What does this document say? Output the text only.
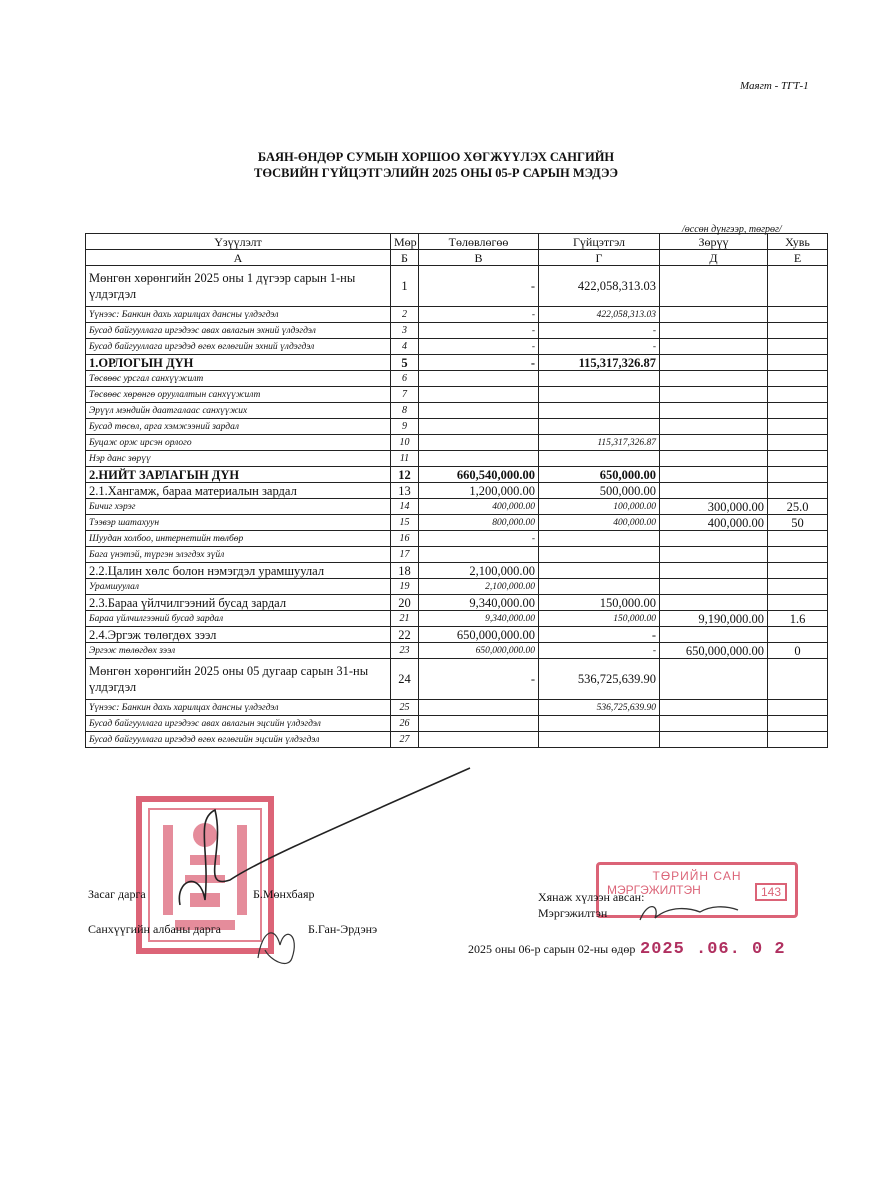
Маягт - ТГТ-1
БАЯН-ӨНДӨР СУМЫН ХОРШОО ХӨГЖҮҮЛЭХ САНГИЙН
ТӨСВИЙН ГҮЙЦЭТГЭЛИЙН 2025 ОНЫ 05-Р САРЫН МЭДЭЭ
/өссөн дүнгээр, төгрөг/
Үзүүлэлт	Мөр	Төлөвлөгөө	Гүйцэтгэл	Зөрүү	Хувь
А	Б	В	Г	Д	Е
Мөнгөн хөрөнгийн 2025 оны 1 дүгээр сарын 1-ны үлдэгдэл	1	-	422,058,313.03		
Үүнээс: Банкин дахь харилцах дансны үлдэгдэл	2	-	422,058,313.03		
Бусад байгууллага иргэдээс авах авлагын эхний үлдэгдэл	3	-	-		
Бусад байгууллага иргэдэд өгөх өглөгийн эхний үлдэгдэл	4	-	-		
1.ОРЛОГЫН ДҮН	5	-	115,317,326.87		
Төсвөөс урсгал санхүүжилт	6				
Төсвөөс хөрөнгө оруулалтын санхүүжилт	7				
Эрүүл мэндийн даатгалаас санхүүжих	8				
Бусад төсөл, арга хэмжээний зардал	9				
Буцаж орж ирсэн орлого	10		115,317,326.87		
Нэр данс зөрүү	11				
2.НИЙТ ЗАРЛАГЫН ДҮН	12	660,540,000.00	650,000.00		
2.1.Хангамж, бараа материалын зардал	13	1,200,000.00	500,000.00		
Бичиг хэрэг	14	400,000.00	100,000.00	300,000.00	25.0
Тээвэр шатахуун	15	800,000.00	400,000.00	400,000.00	50
Шуудан холбоо, интернетийн төлбөр	16	-			
Бага үнэтэй, түргэн элэгдэх зүйл	17				
2.2.Цалин хөлс болон нэмэгдэл урамшуулал	18	2,100,000.00			
Урамшуулал	19	2,100,000.00			
2.3.Бараа үйлчилгээний бусад зардал	20	9,340,000.00	150,000.00		
Бараа үйлчилгээний бусад зардал	21	9,340,000.00	150,000.00	9,190,000.00	1.6
2.4.Эргэж төлөгдөх зээл	22	650,000,000.00	-		
Эргэж төлөгдөх зээл	23	650,000,000.00	-	650,000,000.00	0
Мөнгөн хөрөнгийн 2025 оны 05 дугаар сарын 31-ны үлдэгдэл	24	-	536,725,639.90		
Үүнээс: Банкин дахь харилцах дансны үлдэгдэл	25		536,725,639.90		
Бусад байгууллага иргэдээс авах авлагын эцсийн үлдэгдэл	26				
Бусад байгууллага иргэдэд өгөх өглөгийн эцсийн үлдэгдэл	27				
ТӨРИЙН САН
МЭРГЭЖИЛТЭН	143
Засаг дарга	Б.Мөнхбаяр
Санхүүгийн албаны дарга	Б.Ган-Эрдэнэ
Хянаж хүлээн авсан:
Мэргэжилтэн
2025 оны 06-р сарын 02-ны өдөр 2025 .06. 0 2
